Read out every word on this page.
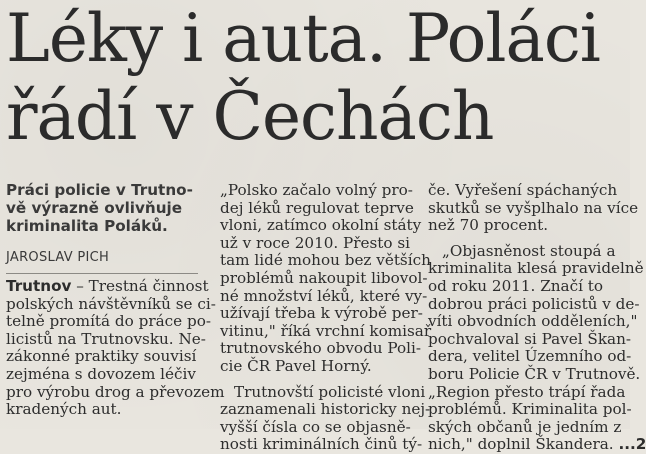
Léky i auta. Poláci
řádí v Čechách
Práci policie v Trutno-
vě výrazně ovlivňuje
kriminalita Poláků.
JAROSLAV PICH
Trutnov – Trestná činnost
polských návštěvníků se ci-
telně promítá do práce po-
licistů na Trutnovsku. Ne-
zákonné praktiky souvisí
zejména s dovozem léčiv
pro výrobu drog a převozem
kradených aut.
„Polsko začalo volný pro-
dej léků regulovat teprve
vloni, zatímco okolní státy
už v roce 2010. Přesto si
tam lidé mohou bez větších
problémů nakoupit libovol-
né množství léků, které vy-
užívají třeba k výrobě per-
vitinu," říká vrchní komisař
trutnovského obvodu Poli-
cie ČR Pavel Horný.
Trutnovští policisté vloni
zaznamenali historicky nej-
vyšší čísla co se objasně-
nosti kriminálních činů tý-
če. Vyřešení spáchaných
skutků se vyšplhalo na více
než 70 procent.
„Objasněnost stoupá a
kriminalita klesá pravidelně
od roku 2011. Značí to
dobrou práci policistů v de-
víti obvodních odděleních,"
pochvaloval si Pavel Škan-
dera, velitel Územního od-
boru Policie ČR v Trutnově.
„Region přesto trápí řada
problémů. Kriminalita pol-
ských občanů je jedním z
nich," doplnil Škandera. ...2
